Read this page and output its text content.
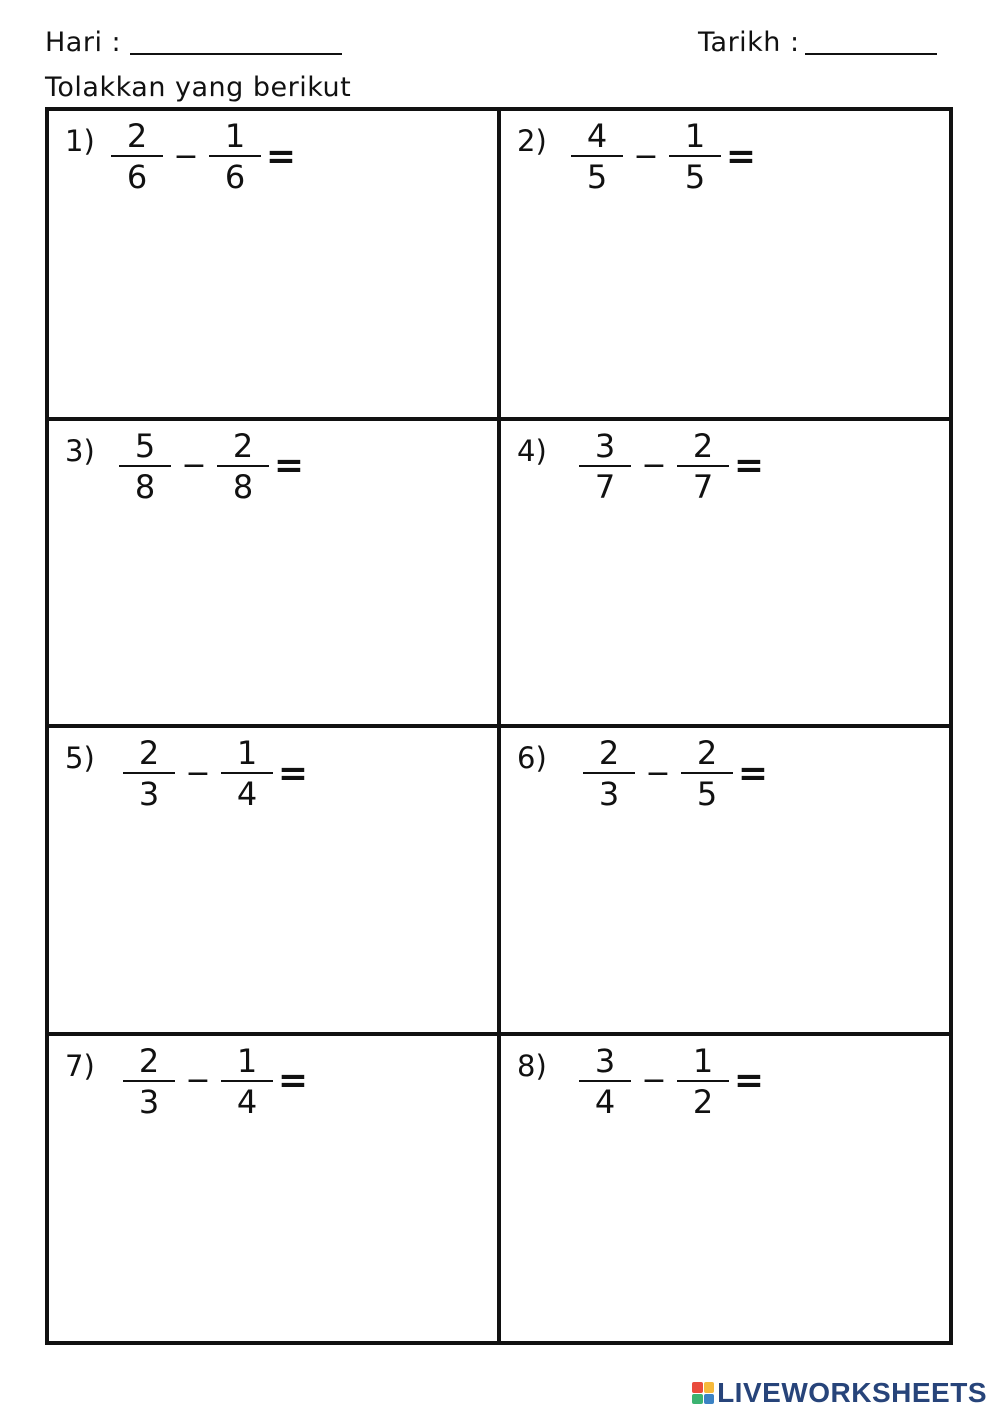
Hari :	Tarikh :
Tolakkan yang berikut
$1) \frac{2}{6} - \frac{1}{6}$ =	$2) \frac{4}{5} - \frac{1}{5}$ =
$3) \frac{5}{8} - \frac{2}{8}$ =	$4) \frac{3}{7} - \frac{2}{7}$ =
$5) \frac{2}{3} - \frac{1}{4}$ =	$6) \frac{2}{3} - \frac{2}{5}$ =
$7) \frac{2}{3} - \frac{1}{4}$ =	$8) \frac{3}{4} - \frac{1}{2}$ =
LIVEWORKSHEETS
